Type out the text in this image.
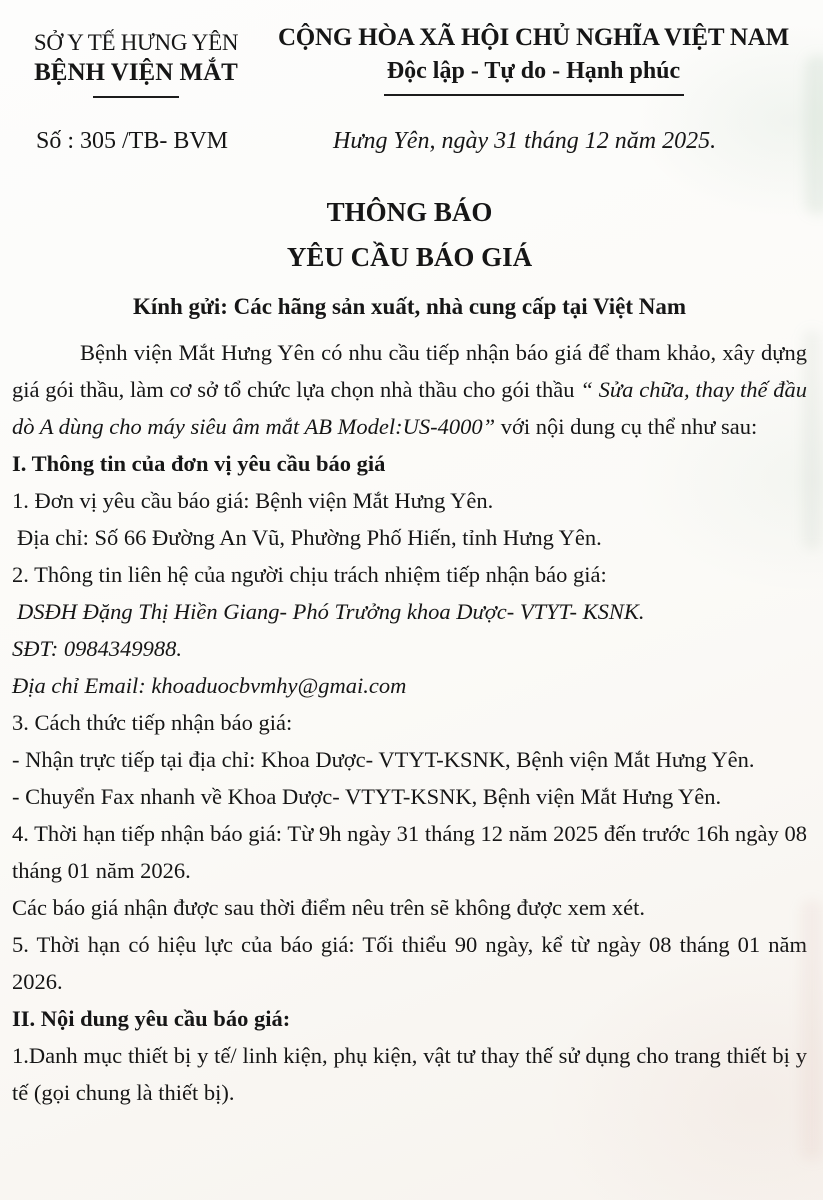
SỞ Y TẾ HƯNG YÊN
BỆNH VIỆN MẮT
CỘNG HÒA XÃ HỘI CHỦ NGHĨA VIỆT NAM
Độc lập - Tự do - Hạnh phúc
Số : 305 /TB- BVM	Hưng Yên, ngày 31 tháng 12 năm 2025.
THÔNG BÁO
YÊU CẦU BÁO GIÁ
Kính gửi: Các hãng sản xuất, nhà cung cấp tại Việt Nam

Bệnh viện Mắt Hưng Yên có nhu cầu tiếp nhận báo giá để tham khảo, xây dựng giá gói thầu, làm cơ sở tổ chức lựa chọn nhà thầu cho gói thầu “ Sửa chữa, thay thế đầu dò A dùng cho máy siêu âm mắt AB Model:US-4000” với nội dung cụ thể như sau:

I. Thông tin của đơn vị yêu cầu báo giá

1. Đơn vị yêu cầu báo giá: Bệnh viện Mắt Hưng Yên.

Địa chỉ: Số 66 Đường An Vũ, Phường Phố Hiến, tỉnh Hưng Yên.

2. Thông tin liên hệ của người chịu trách nhiệm tiếp nhận báo giá:

DSĐH Đặng Thị Hiền Giang- Phó Trưởng khoa Dược- VTYT- KSNK.

SĐT: 0984349988.

Địa chỉ Email: khoaduocbvmhy@gmai.com

3. Cách thức tiếp nhận báo giá:

- Nhận trực tiếp tại địa chỉ: Khoa Dược- VTYT-KSNK, Bệnh viện Mắt Hưng Yên.

- Chuyển Fax nhanh về Khoa Dược- VTYT-KSNK, Bệnh viện Mắt Hưng Yên.

4. Thời hạn tiếp nhận báo giá: Từ 9h ngày 31 tháng 12 năm 2025 đến trước 16h ngày 08 tháng 01 năm 2026.

Các báo giá nhận được sau thời điểm nêu trên sẽ không được xem xét.

5. Thời hạn có hiệu lực của báo giá: Tối thiểu 90 ngày, kể từ ngày 08 tháng 01 năm 2026.

II. Nội dung yêu cầu báo giá:

1.Danh mục thiết bị y tế/ linh kiện, phụ kiện, vật tư thay thế sử dụng cho trang thiết bị y tế (gọi chung là thiết bị).
